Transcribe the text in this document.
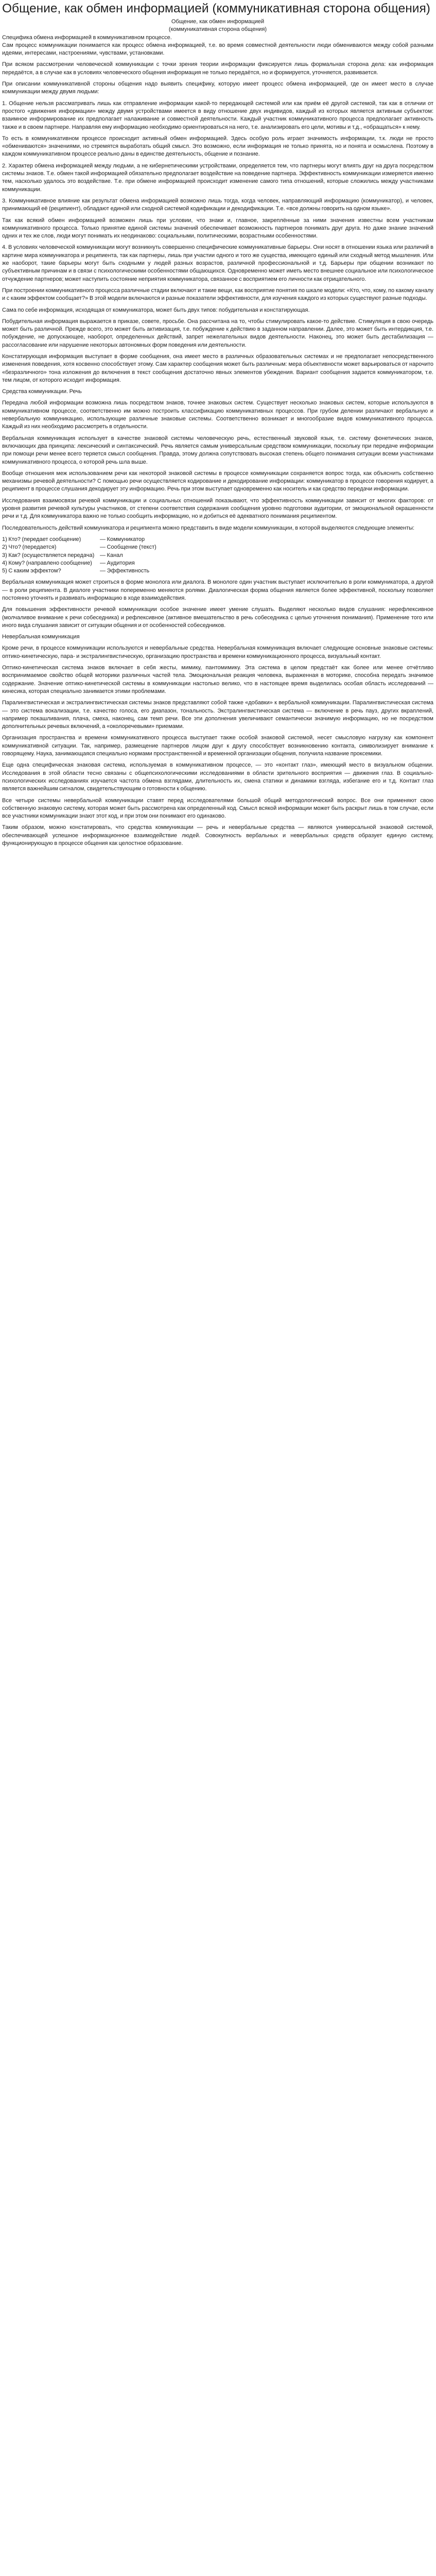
Общение, как обмен информацией (коммуникативная сторона общения)

Общение, как обмен информацией

(коммуникативная сторона общения)

Специфика обмена информацией в коммуникативном процессе.

Сам процесс коммуникации понимается как процесс обмена информацией, т.е. во время совместной деятельности люди обмениваются между собой разными идеями, интересами, настроениями, чувствами, установками.

При всяком рассмотрении человеческой коммуникации с точки зрения теории информации фиксируется лишь формальная сторона дела: как информация передаётся, а в случае как в условиях человеческого общения информация не только передаётся, но и формируется, уточняется, развивается.

При описании коммуникативной стороны общения надо выявить специфику, которую имеет процесс обмена информацией, где он имеет место в случае коммуникации между двумя людьми:

1. Общение нельзя рассматривать лишь как отправление информации какой-то передающей системой или как приём её другой системой, так как в отличии от простого «движения информации» между двумя устройствами имеется в виду отношение двух индивидов, каждый из которых является активным субъектом: взаимное информирование их предполагает налаживание и совместной деятельности. Каждый участник коммуникативного процесса предполагает активность также и в своем партнере. Направляя ему информацию необходимо ориентироваться на него, т.е. анализировать его цели, мотивы и т.д., «обращаться» к нему.

То есть в коммуникативном процессе происходит активный обмен информацией. Здесь особую роль играет значимость информации, т.к. люди не просто «обмениваются» значениями, но стремятся выработать общий смысл. Это возможно, если информация не только принята, но и понята и осмыслена. Поэтому в каждом коммуникативном процессе реально даны в единстве деятельность, общение и познание.

2. Характер обмена информацией между людьми, а не кибернетическими устройствами, определяется тем, что партнеры могут влиять друг на друга посредством системы знаков. Т.е. обмен такой информацией обязательно предполагает воздействие на поведение партнера. Эффективность коммуникации измеряется именно тем, насколько удалось это воздействие. Т.е. при обмене информацией происходит изменение самого типа отношений, которые сложились между участниками коммуникации.

3. Коммуникативное влияние как результат обмена информацией возможно лишь тогда, когда человек, направляющий информацию (коммуникатор), и человек, принимающий её (реципиент), обладают единой или сходной системой кодификации и декодификации. Т.е. «все должны говорить на одном языке».

Так как всякий обмен информацией возможен лишь при условии, что знаки и, главное, закреплённые за ними значения известны всем участникам коммуникативного процесса. Только принятие единой системы значений обеспечивает возможность партнеров понимать друг друга. Но даже знание значений одних и тех же слов, люди могут понимать их неодинаково: социальными, политическими, возрастными особенностями.

4. В условиях человеческой коммуникации могут возникнуть совершенно специфические коммуникативные барьеры. Они носят в отношении языка или различий в картине мира коммуникатора и реципиента, так как партнеры, лишь при участии одного и того же существа, имеющего единый или сходный метод мышления. Или же наоборот, такие барьеры могут быть сходными у людей разных возрастов, различной профессиональной и т.д. Барьеры при общении возникают по субъективным причинам и в связи с психологическими особенностями общающихся. Одновременно может иметь место внешнее социальное или психологическое отчуждение партнеров; может наступить состояние неприятия коммуникатора, связанное с восприятием его личности как отрицательного.

При построении коммуникативного процесса различные стадии включают и такие вещи, как восприятие понятия по шкале модели: «Кто, что, кому, по какому каналу и с каким эффектом сообщает?» В этой модели включаются и разные показатели эффективности, для изучения каждого из которых существуют разные подходы.

Сама по себе информация, исходящая от коммуникатора, может быть двух типов: побудительная и констатирующая.

Побудительная информация выражается в приказе, совете, просьбе. Она рассчитана на то, чтобы стимулировать какое-то действие. Стимуляция в свою очередь может быть различной. Прежде всего, это может быть активизация, т.е. побуждение к действию в заданном направлении. Далее, это может быть интердикция, т.е. побуждение, не допускающее, наоборот, определенных действий, запрет нежелательных видов деятельности. Наконец, это может быть дестабилизация — рассогласование или нарушение некоторых автономных форм поведения или деятельности.

Констатирующая информация выступает в форме сообщения, она имеет место в различных образовательных системах и не предполагает непосредственного изменения поведения, хотя косвенно способствует этому. Сам характер сообщения может быть различным: мера объективности может варьироваться от нарочито «безразличного» тона изложения до включения в текст сообщения достаточно явных элементов убеждения. Вариант сообщения задается коммуникатором, т.е. тем лицом, от которого исходит информация.

Средства коммуникации. Речь

Передача любой информации возможна лишь посредством знаков, точнее знаковых систем. Существует несколько знаковых систем, которые используются в коммуникативном процессе, соответственно им можно построить классификацию коммуникативных процессов. При грубом делении различают вербальную и невербальную коммуникацию, использующие различные знаковые системы. Соответственно возникает и многообразие видов коммуникативного процесса. Каждый из них необходимо рассмотреть в отдельности.

Вербальная коммуникация использует в качестве знаковой системы человеческую речь, естественный звуковой язык, т.е. систему фонетических знаков, включающих два принципа: лексический и синтаксический. Речь является самым универсальным средством коммуникации, поскольку при передаче информации при помощи речи менее всего теряется смысл сообщения. Правда, этому должна сопутствовать высокая степень общего понимания ситуации всеми участниками коммуникативного процесса, о которой речь шла выше.

Вообще отношения меж использованием речи как некоторой знаковой системы в процессе коммуникации сохраняется вопрос тогда, как объяснить собственно механизмы речевой деятельности? С помощью речи осуществляется кодирование и декодирование информации: коммуникатор в процессе говорения кодирует, а реципиент в процессе слушания декодирует эту информацию. Речь при этом выступает одновременно как носитель и как средство передачи информации.

Исследования взаимосвязи речевой коммуникации и социальных отношений показывают, что эффективность коммуникации зависит от многих факторов: от уровня развития речевой культуры участников, от степени соответствия содержания сообщения уровню подготовки аудитории, от эмоциональной окрашенности речи и т.д. Для коммуникатора важно не только сообщить информацию, но и добиться её адекватного понимания реципиентом.

Последовательность действий коммуникатора и реципиента можно представить в виде модели коммуникации, в которой выделяются следующие элементы:

1) Кто? (передает сообщение)	— Коммуникатор
2) Что? (передается)	— Сообщение (текст)
3) Как? (осуществляется передача) — Канал
4) Кому? (направлено сообщение)	— Аудитория
5) С каким эффектом?	— Эффективность

Вербальная коммуникация может строиться в форме монолога или диалога. В монологе один участник выступает исключительно в роли коммуникатора, а другой — в роли реципиента. В диалоге участники попеременно меняются ролями. Диалогическая форма общения является более эффективной, поскольку позволяет постоянно уточнять и развивать информацию в ходе взаимодействия.

Для повышения эффективности речевой коммуникации особое значение имеет умение слушать. Выделяют несколько видов слушания: нерефлексивное (молчаливое внимание к речи собеседника) и рефлексивное (активное вмешательство в речь собеседника с целью уточнения понимания). Применение того или иного вида слушания зависит от ситуации общения и от особенностей собеседников.

Невербальная коммуникация

Кроме речи, в процессе коммуникации используются и невербальные средства. Невербальная коммуникация включает следующие основные знаковые системы: оптико-кинетическую, пара- и экстралингвистическую, организацию пространства и времени коммуникационного процесса, визуальный контакт.

Оптико-кинетическая система знаков включает в себя жесты, мимику, пантомимику. Эта система в целом предстаёт как более или менее отчётливо воспринимаемое свойство общей моторики различных частей тела. Эмоциональная реакция человека, выраженная в моторике, способна передать значимое содержание. Значение оптико-кинетической системы в коммуникации настолько велико, что в настоящее время выделилась особая область исследований — кинесика, которая специально занимается этими проблемами.

Паралингвистическая и экстралингвистическая системы знаков представляют собой также «добавки» к вербальной коммуникации. Паралингвистическая система — это система вокализации, т.е. качество голоса, его диапазон, тональность. Экстралингвистическая система — включение в речь пауз, других вкраплений, например покашливания, плача, смеха, наконец, сам темп речи. Все эти дополнения увеличивают семантически значимую информацию, но не посредством дополнительных речевых включений, а «околоречевыми» приемами.

Организация пространства и времени коммуникативного процесса выступает также особой знаковой системой, несет смысловую нагрузку как компонент коммуникативной ситуации. Так, например, размещение партнеров лицом друг к другу способствует возникновению контакта, символизирует внимание к говорящему. Наука, занимающаяся специально нормами пространственной и временной организации общения, получила название проксемики.

Еще одна специфическая знаковая система, используемая в коммуникативном процессе, — это «контакт глаз», имеющий место в визуальном общении. Исследования в этой области тесно связаны с общепсихологическими исследованиями в области зрительного восприятия — движения глаз. В социально-психологических исследованиях изучается частота обмена взглядами, длительность их, смена статики и динамики взгляда, избегание его и т.д. Контакт глаз является важнейшим сигналом, свидетельствующим о готовности к общению.

Все четыре системы невербальной коммуникации ставят перед исследователями большой общий методологический вопрос. Все они применяют свою собственную знаковую систему, которая может быть рассмотрена как определенный код. Смысл всякой информации может быть раскрыт лишь в том случае, если все участники коммуникации знают этот код, и при этом они понимают его одинаково.

Таким образом, можно констатировать, что средства коммуникации — речь и невербальные средства — являются универсальной знаковой системой, обеспечивающей успешное информационное взаимодействие людей. Совокупность вербальных и невербальных средств образует единую систему, функционирующую в процессе общения как целостное образование.
